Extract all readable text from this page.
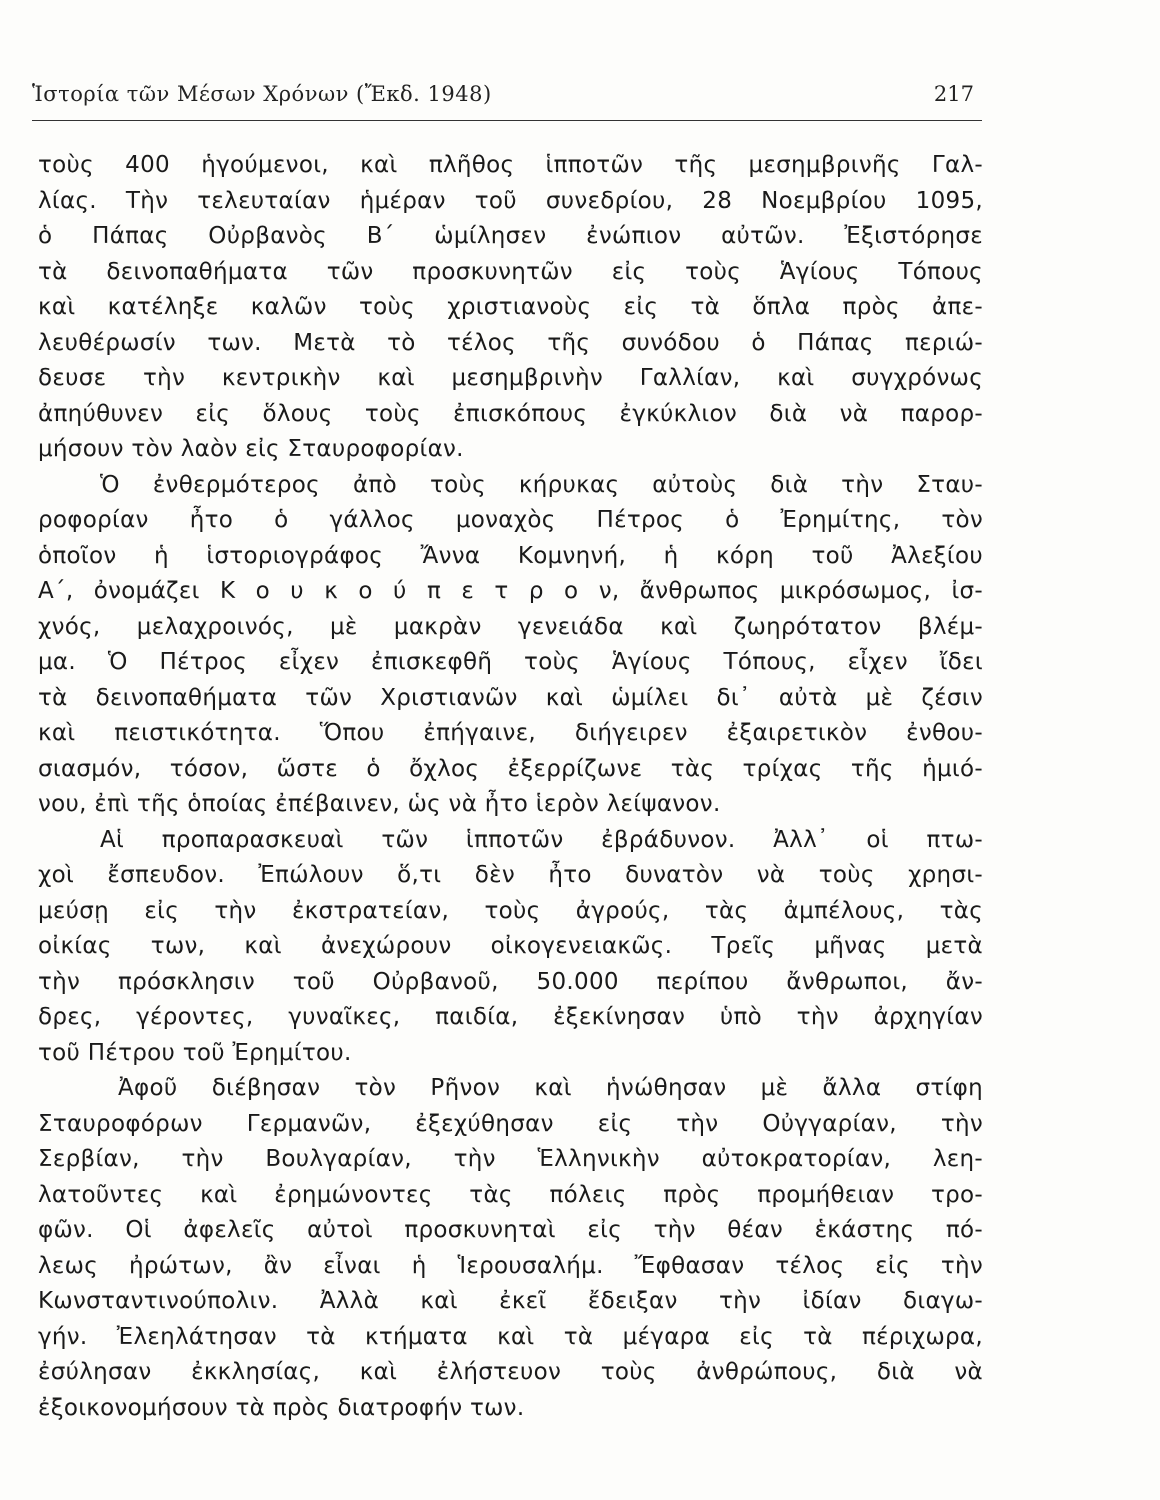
Ἱστορία τῶν Μέσων Χρόνων (Ἔκδ. 1948)	217
τοὺς 400 ἡγούμενοι, καὶ πλῆθος ἱπποτῶν τῆς μεσημβρινῆς Γαλ-
λίας. Τὴν τελευταίαν ἡμέραν τοῦ συνεδρίου, 28 Νοεμβρίου 1095,
ὁ Πάπας Οὐρβανὸς Β΄ ὡμίλησεν ἐνώπιον αὐτῶν. Ἐξιστόρησε
τὰ δεινοπαθήματα τῶν προσκυνητῶν εἰς τοὺς Ἁγίους Τόπους
καὶ κατέληξε καλῶν τοὺς χριστιανοὺς εἰς τὰ ὅπλα πρὸς ἀπε-
λευθέρωσίν των. Μετὰ τὸ τέλος τῆς συνόδου ὁ Πάπας περιώ-
δευσε τὴν κεντρικὴν καὶ μεσημβρινὴν Γαλλίαν, καὶ συγχρόνως
ἀπηύθυνεν εἰς ὅλους τοὺς ἐπισκόπους ἐγκύκλιον διὰ νὰ παρορ-
μήσουν τὸν λαὸν εἰς Σταυροφορίαν.
Ὁ ἐνθερμότερος ἀπὸ τοὺς κήρυκας αὐτοὺς διὰ τὴν Σταυ-
ροφορίαν ἦτο ὁ γάλλος μοναχὸς Πέτρος ὁ Ἐρημίτης, τὸν
ὁποῖον ἡ ἱστοριογράφος Ἄννα Κομνηνή, ἡ κόρη τοῦ Ἀλεξίου
Α΄, ὀνομάζει Κ ο υ κ ο ύ π ε τ ρ ο ν, ἄνθρωπος μικρόσωμος, ἰσ-
χνός, μελαχροινός, μὲ μακρὰν γενειάδα καὶ ζωηρότατον βλέμ-
μα. Ὁ Πέτρος εἶχεν ἐπισκεφθῆ τοὺς Ἁγίους Τόπους, εἶχεν ἴδει
τὰ δεινοπαθήματα τῶν Χριστιανῶν καὶ ὡμίλει δι᾿ αὐτὰ μὲ ζέσιν
καὶ πειστικότητα. Ὅπου ἐπήγαινε, διήγειρεν ἐξαιρετικὸν ἐνθου-
σιασμόν, τόσον, ὥστε ὁ ὄχλος ἐξερρίζωνε τὰς τρίχας τῆς ἡμιό-
νου, ἐπὶ τῆς ὁποίας ἐπέβαινεν, ὡς νὰ ἦτο ἱερὸν λείψανον.
Αἱ προπαρασκευαὶ τῶν ἱπποτῶν ἐβράδυνον. Ἀλλ᾿ οἱ πτω-
χοὶ ἔσπευδον. Ἐπώλουν ὅ,τι δὲν ἦτο δυνατὸν νὰ τοὺς χρησι-
μεύσῃ εἰς τὴν ἐκστρατείαν, τοὺς ἀγρούς, τὰς ἀμπέλους, τὰς
οἰκίας των, καὶ ἀνεχώρουν οἰκογενειακῶς. Τρεῖς μῆνας μετὰ
τὴν πρόσκλησιν τοῦ Οὐρβανοῦ, 50.000 περίπου ἄνθρωποι, ἄν-
δρες, γέροντες, γυναῖκες, παιδία, ἐξεκίνησαν ὑπὸ τὴν ἀρχηγίαν
τοῦ Πέτρου τοῦ Ἐρημίτου.
Ἀφοῦ διέβησαν τὸν Ρῆνον καὶ ἡνώθησαν μὲ ἄλλα στίφη
Σταυροφόρων Γερμανῶν, ἐξεχύθησαν εἰς τὴν Οὐγγαρίαν, τὴν
Σερβίαν, τὴν Βουλγαρίαν, τὴν Ἑλληνικὴν αὐτοκρατορίαν, λεη-
λατοῦντες καὶ ἐρημώνοντες τὰς πόλεις πρὸς προμήθειαν τρο-
φῶν. Οἱ ἀφελεῖς αὐτοὶ προσκυνηταὶ εἰς τὴν θέαν ἑκάστης πό-
λεως ἠρώτων, ἂν εἶναι ἡ Ἱερουσαλήμ. Ἔφθασαν τέλος εἰς τὴν
Κωνσταντινούπολιν. Ἀλλὰ καὶ ἐκεῖ ἔδειξαν τὴν ἰδίαν διαγω-
γήν. Ἐλεηλάτησαν τὰ κτήματα καὶ τὰ μέγαρα εἰς τὰ πέριχωρα,
ἐσύλησαν ἐκκλησίας, καὶ ἐλήστευον τοὺς ἀνθρώπους, διὰ νὰ
ἐξοικονομήσουν τὰ πρὸς διατροφήν των.
